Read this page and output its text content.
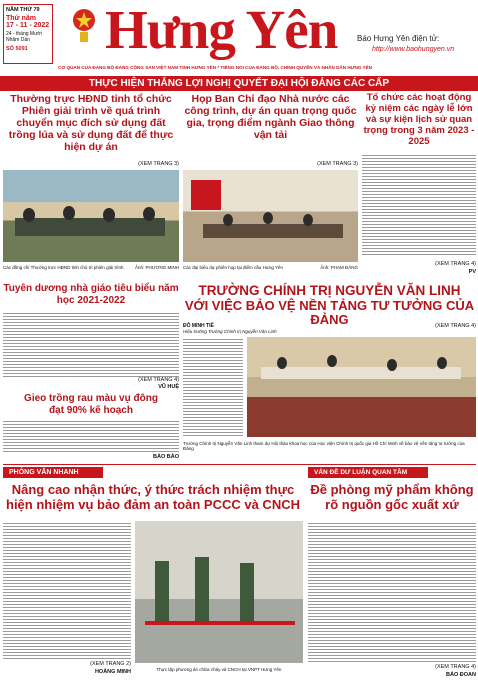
NĂM THỨ 79
Thứ năm
17 - 11 - 2022
24 - tháng Mười
Nhâm Dần
SỐ 5091	Hưng Yên	Báo Hưng Yên điện tử:
http://www.baohungyen.vn
CƠ QUAN CỦA ĐẢNG BỘ ĐẢNG CỘNG SẢN VIỆT NAM TỈNH HƯNG YÊN * TIẾNG NÓI CỦA ĐẢNG BỘ, CHÍNH QUYỀN VÀ NHÂN DÂN HƯNG YÊN
THỰC HIỆN THẮNG LỢI NGHỊ QUYẾT ĐẠI HỘI ĐẢNG CÁC CẤP
Thường trực HĐND tỉnh tổ chức Phiên giải trình về quá trình chuyển mục đích sử dụng đất trồng lúa và sử dụng đất để thực hiện dự án
(XEM TRANG 3)
Các đồng chí Thường trực HĐND tỉnh chủ trì phiên giải trình	Ảnh: PHƯƠNG MINH
Họp Ban Chỉ đạo Nhà nước các công trình, dự án quan trọng quốc gia, trọng điểm ngành Giao thông vận tải
(XEM TRANG 3)
Các đại biểu dự phiên họp tại điểm cầu Hưng Yên	Ảnh: PHẠM ĐĂNG
Tổ chức các hoạt động kỷ niệm các ngày lễ lớn và sự kiện lịch sử quan trọng trong 3 năm 2023 - 2025
(XEM TRANG 4)
PV
Tuyên dương nhà giáo tiêu biểu năm học 2021-2022
(XEM TRANG 4)
VŨ HUỆ
Gieo trồng rau màu vụ đông đạt 90% kế hoạch
BẢO BẢO
TRƯỜNG CHÍNH TRỊ NGUYỄN VĂN LINH
VỚI VIỆC BẢO VỆ NỀN TẢNG TƯ TƯỞNG CỦA ĐẢNG
ĐỖ MINH TIẾ
Hiệu trưởng Trường Chính trị Nguyễn Văn Linh
(XEM TRANG 4)
Trường Chính trị Nguyễn Văn Linh tham dự Hội thảo khoa học của Học viện Chính trị quốc gia Hồ Chí Minh về bảo vệ nền tảng tư tưởng của Đảng
PHỎNG VẤN NHANH
Nâng cao nhận thức, ý thức trách nhiệm thực hiện nhiệm vụ bảo đảm an toàn PCCC và CNCH
(XEM TRANG 2)
HOÀNG MINH	Thực tập phương án chữa cháy và CNCH tại VNPT Hưng Yên
VẤN ĐỀ DƯ LUẬN QUAN TÂM
Đề phòng mỹ phẩm không rõ nguồn gốc xuất xứ
(XEM TRANG 4)
BẢO ĐOAN
